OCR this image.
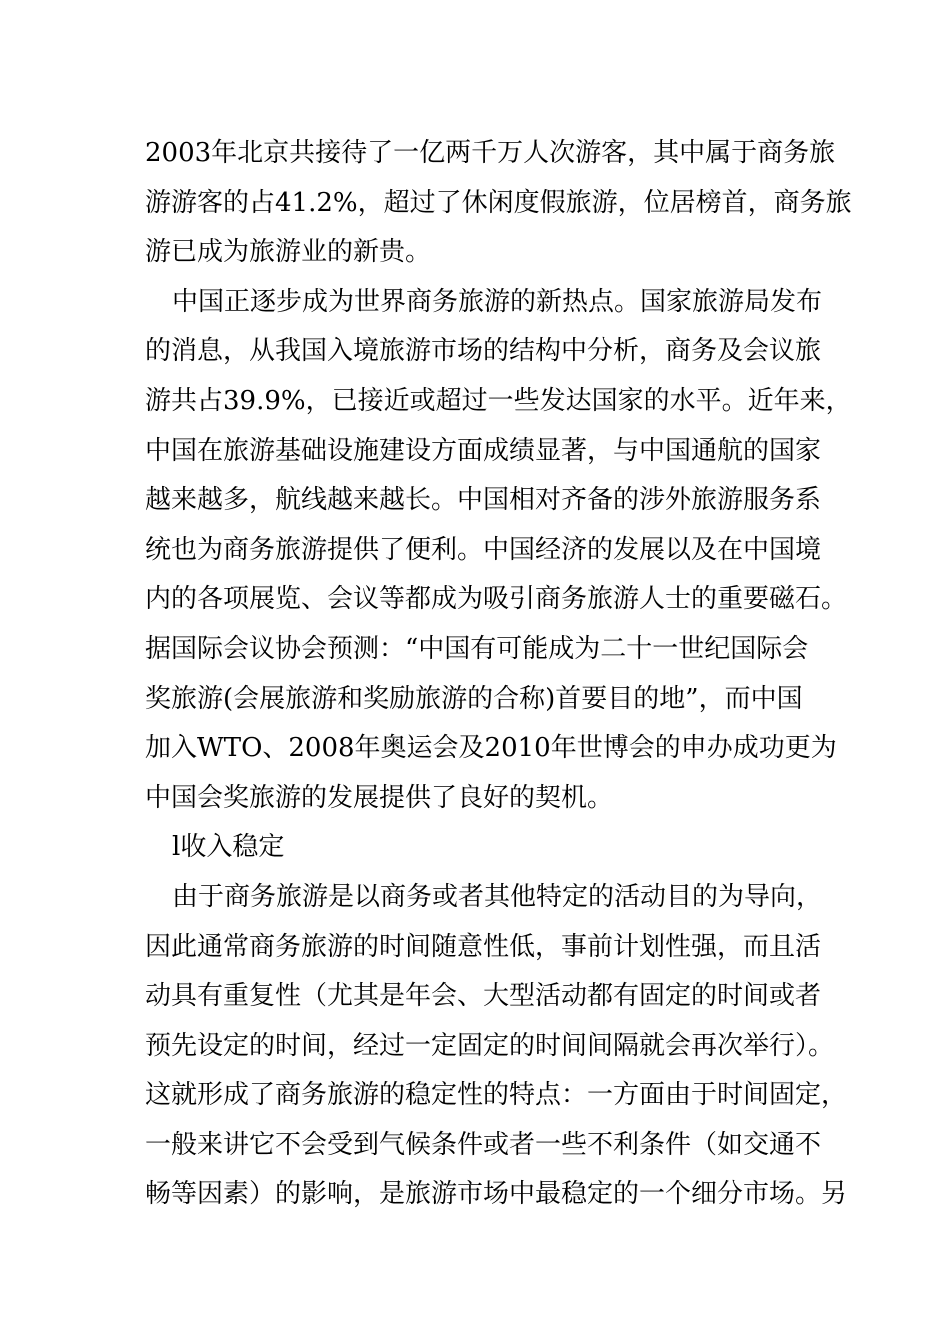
2003年北京共接待了一亿两千万人次游客，其中属于商务旅
游游客的占41.2%，超过了休闲度假旅游，位居榜首，商务旅
游已成为旅游业的新贵。
中国正逐步成为世界商务旅游的新热点。国家旅游局发布
的消息，从我国入境旅游市场的结构中分析，商务及会议旅
游共占39.9%，已接近或超过一些发达国家的水平。近年来，
中国在旅游基础设施建设方面成绩显著，与中国通航的国家
越来越多，航线越来越长。中国相对齐备的涉外旅游服务系
统也为商务旅游提供了便利。中国经济的发展以及在中国境
内的各项展览、会议等都成为吸引商务旅游人士的重要磁石。
据国际会议协会预测：“中国有可能成为二十一世纪国际会
奖旅游(会展旅游和奖励旅游的合称)首要目的地”，而中国
加入WTO、2008年奥运会及2010年世博会的申办成功更为
中国会奖旅游的发展提供了良好的契机。
l收入稳定
由于商务旅游是以商务或者其他特定的活动目的为导向，
因此通常商务旅游的时间随意性低，事前计划性强，而且活
动具有重复性（尤其是年会、大型活动都有固定的时间或者
预先设定的时间，经过一定固定的时间间隔就会再次举行）。
这就形成了商务旅游的稳定性的特点：一方面由于时间固定，
一般来讲它不会受到气候条件或者一些不利条件（如交通不
畅等因素）的影响，是旅游市场中最稳定的一个细分市场。另
